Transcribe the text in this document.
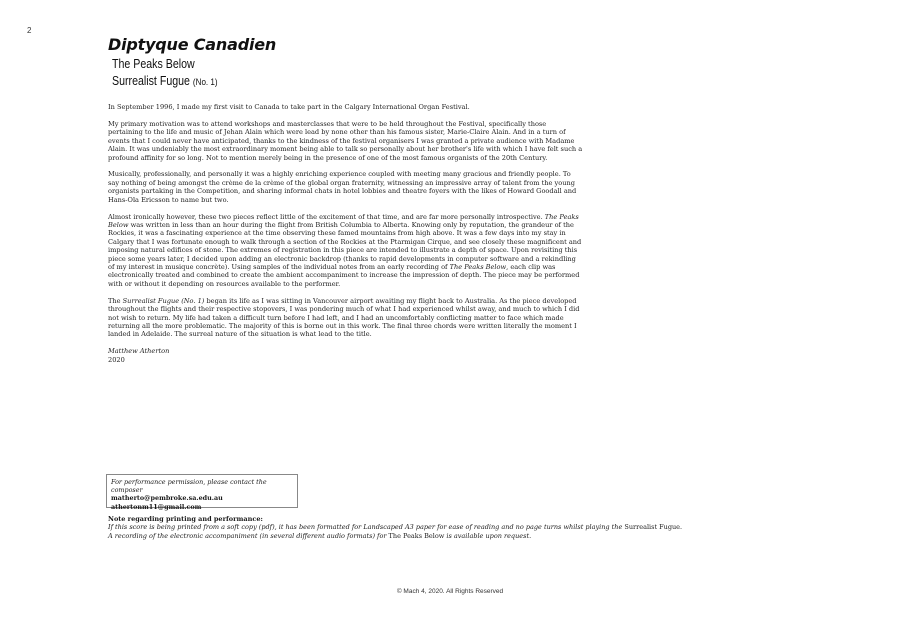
2
Diptyque Canadien
The Peaks Below
Surrealist Fugue (No. 1)

In September 1996, I made my first visit to Canada to take part in the Calgary International Organ Festival.

My primary motivation was to attend workshops and masterclasses that were to be held throughout the Festival, specifically those pertaining to the life and music of Jehan Alain which were lead by none other than his famous sister, Marie-Claire Alain. And in a turn of events that I could never have anticipated, thanks to the kindness of the festival organisers I was granted a private audience with Madame Alain. It was undeniably the most extraordinary moment being able to talk so personally about her brother's life with which I have felt such a profound affinity for so long. Not to mention merely being in the presence of one of the most famous organists of the 20th Century.

Musically, professionally, and personally it was a highly enriching experience coupled with meeting many gracious and friendly people. To say nothing of being amongst the crème de la crème of the global organ fraternity, witnessing an impressive array of talent from the young organists partaking in the Competition, and sharing informal chats in hotel lobbies and theatre foyers with the likes of Howard Goodall and Hans-Ola Ericsson to name but two.

Almost ironically however, these two pieces reflect little of the excitement of that time, and are far more personally introspective. The Peaks Below was written in less than an hour during the flight from British Columbia to Alberta. Knowing only by reputation, the grandeur of the Rockies, it was a fascinating experience at the time observing these famed mountains from high above. It was a few days into my stay in Calgary that I was fortunate enough to walk through a section of the Rockies at the Ptarmigan Cirque, and see closely these magnificent and imposing natural edifices of stone. The extremes of registration in this piece are intended to illustrate a depth of space. Upon revisiting this piece some years later, I decided upon adding an electronic backdrop (thanks to rapid developments in computer software and a rekindling of my interest in musique concrète). Using samples of the individual notes from an early recording of The Peaks Below, each clip was electronically treated and combined to create the ambient accompaniment to increase the impression of depth. The piece may be performed with or without it depending on resources available to the performer.

The Surrealist Fugue (No. 1) began its life as I was sitting in Vancouver airport awaiting my flight back to Australia. As the piece developed throughout the flights and their respective stopovers, I was pondering much of what I had experienced whilst away, and much to which I did not wish to return. My life had taken a difficult turn before I had left, and I had an uncomfortably conflicting matter to face which made returning all the more problematic. The majority of this is borne out in this work. The final three chords were written literally the moment I landed in Adelaide. The surreal nature of the situation is what lead to the title.

Matthew Atherton
2020
For performance permission, please contact the composer
matherto@pembroke.sa.edu.au
athertonm11@gmail.com
Note regarding printing and performance:
If this score is being printed from a soft copy (pdf), it has been formatted for Landscaped A3 paper for ease of reading and no page turns whilst playing the Surrealist Fugue.
A recording of the electronic accompaniment (in several different audio formats) for The Peaks Below is available upon request.
© Mach 4, 2020. All Rights Reserved
